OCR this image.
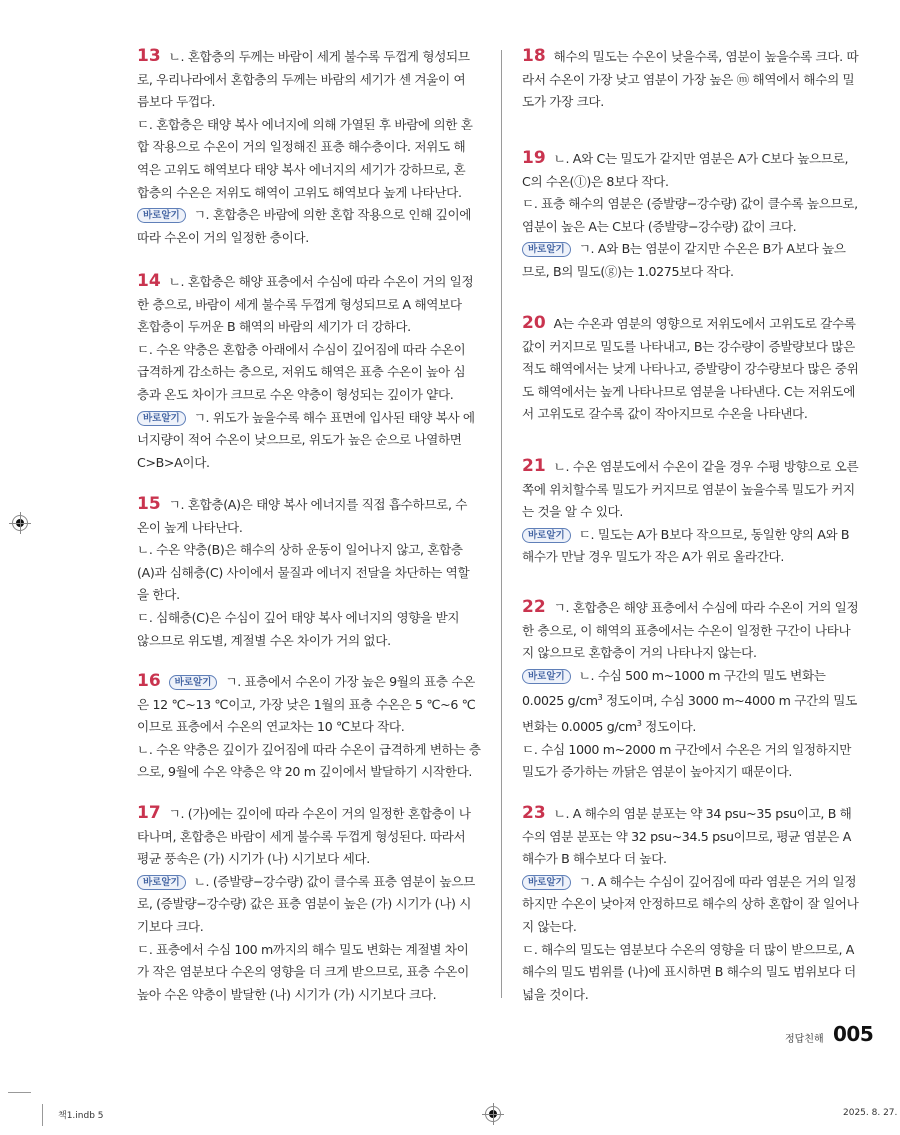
13 ㄴ. 혼합층의 두께는 바람이 세게 불수록 두껍게 형성되므
로, 우리나라에서 혼합층의 두께는 바람의 세기가 센 겨울이 여
름보다 두껍다.
ㄷ. 혼합층은 태양 복사 에너지에 의해 가열된 후 바람에 의한 혼
합 작용으로 수온이 거의 일정해진 표층 해수층이다. 저위도 해
역은 고위도 해역보다 태양 복사 에너지의 세기가 강하므로, 혼
합층의 수온은 저위도 해역이 고위도 해역보다 높게 나타난다.
바로알기 ㄱ. 혼합층은 바람에 의한 혼합 작용으로 인해 깊이에
따라 수온이 거의 일정한 층이다.
14 ㄴ. 혼합층은 해양 표층에서 수심에 따라 수온이 거의 일정
한 층으로, 바람이 세게 불수록 두껍게 형성되므로 A 해역보다
혼합층이 두꺼운 B 해역의 바람의 세기가 더 강하다.
ㄷ. 수온 약층은 혼합층 아래에서 수심이 깊어짐에 따라 수온이
급격하게 감소하는 층으로, 저위도 해역은 표층 수온이 높아 심
층과 온도 차이가 크므로 수온 약층이 형성되는 깊이가 얕다.
바로알기 ㄱ. 위도가 높을수록 해수 표면에 입사된 태양 복사 에
너지량이 적어 수온이 낮으므로, 위도가 높은 순으로 나열하면
C>B>A이다.
15 ㄱ. 혼합층(A)은 태양 복사 에너지를 직접 흡수하므로, 수
온이 높게 나타난다.
ㄴ. 수온 약층(B)은 해수의 상하 운동이 일어나지 않고, 혼합층
(A)과 심해층(C) 사이에서 물질과 에너지 전달을 차단하는 역할
을 한다.
ㄷ. 심해층(C)은 수심이 깊어 태양 복사 에너지의 영향을 받지
않으므로 위도별, 계절별 수온 차이가 거의 없다.
16 바로알기 ㄱ. 표층에서 수온이 가장 높은 9월의 표층 수온
은 12 ℃~13 ℃이고, 가장 낮은 1월의 표층 수온은 5 ℃~6 ℃
이므로 표층에서 수온의 연교차는 10 ℃보다 작다.
ㄴ. 수온 약층은 깊이가 깊어짐에 따라 수온이 급격하게 변하는 층
으로, 9월에 수온 약층은 약 20 m 깊이에서 발달하기 시작한다.
17 ㄱ. (가)에는 깊이에 따라 수온이 거의 일정한 혼합층이 나
타나며, 혼합층은 바람이 세게 불수록 두껍게 형성된다. 따라서
평균 풍속은 (가) 시기가 (나) 시기보다 세다.
바로알기 ㄴ. (증발량−강수량) 값이 클수록 표층 염분이 높으므
로, (증발량−강수량) 값은 표층 염분이 높은 (가) 시기가 (나) 시
기보다 크다.
ㄷ. 표층에서 수심 100 m까지의 해수 밀도 변화는 계절별 차이
가 작은 염분보다 수온의 영향을 더 크게 받으므로, 표층 수온이
높아 수온 약층이 발달한 (나) 시기가 (가) 시기보다 크다.
18 해수의 밀도는 수온이 낮을수록, 염분이 높을수록 크다. 따
라서 수온이 가장 낮고 염분이 가장 높은 ⓜ 해역에서 해수의 밀
도가 가장 크다.
19 ㄴ. A와 C는 밀도가 같지만 염분은 A가 C보다 높으므로,
C의 수온(ⓛ)은 8보다 작다.
ㄷ. 표층 해수의 염분은 (증발량−강수량) 값이 클수록 높으므로,
염분이 높은 A는 C보다 (증발량−강수량) 값이 크다.
바로알기 ㄱ. A와 B는 염분이 같지만 수온은 B가 A보다 높으
므로, B의 밀도(ⓖ)는 1.0275보다 작다.
20 A는 수온과 염분의 영향으로 저위도에서 고위도로 갈수록
값이 커지므로 밀도를 나타내고, B는 강수량이 증발량보다 많은
적도 해역에서는 낮게 나타나고, 증발량이 강수량보다 많은 중위
도 해역에서는 높게 나타나므로 염분을 나타낸다. C는 저위도에
서 고위도로 갈수록 값이 작아지므로 수온을 나타낸다.
21 ㄴ. 수온 염분도에서 수온이 같을 경우 수평 방향으로 오른
쪽에 위치할수록 밀도가 커지므로 염분이 높을수록 밀도가 커지
는 것을 알 수 있다.
바로알기 ㄷ. 밀도는 A가 B보다 작으므로, 동일한 양의 A와 B
해수가 만날 경우 밀도가 작은 A가 위로 올라간다.
22 ㄱ. 혼합층은 해양 표층에서 수심에 따라 수온이 거의 일정
한 층으로, 이 해역의 표층에서는 수온이 일정한 구간이 나타나
지 않으므로 혼합층이 거의 나타나지 않는다.
바로알기 ㄴ. 수심 500 m~1000 m 구간의 밀도 변화는
0.0025 $g/cm^3$ 정도이며, 수심 3000 m~4000 m 구간의 밀도
변화는 0.0005 $g/cm^3$ 정도이다.
ㄷ. 수심 1000 m~2000 m 구간에서 수온은 거의 일정하지만
밀도가 증가하는 까닭은 염분이 높아지기 때문이다.
23 ㄴ. A 해수의 염분 분포는 약 34 psu~35 psu이고, B 해
수의 염분 분포는 약 32 psu~34.5 psu이므로, 평균 염분은 A
해수가 B 해수보다 더 높다.
바로알기 ㄱ. A 해수는 수심이 깊어짐에 따라 염분은 거의 일정
하지만 수온이 낮아져 안정하므로 해수의 상하 혼합이 잘 일어나
지 않는다.
ㄷ. 해수의 밀도는 염분보다 수온의 영향을 더 많이 받으므로, A
해수의 밀도 범위를 (나)에 표시하면 B 해수의 밀도 범위보다 더
넓을 것이다.
정답친해 005
책1.indb 5	2025. 8. 27.
